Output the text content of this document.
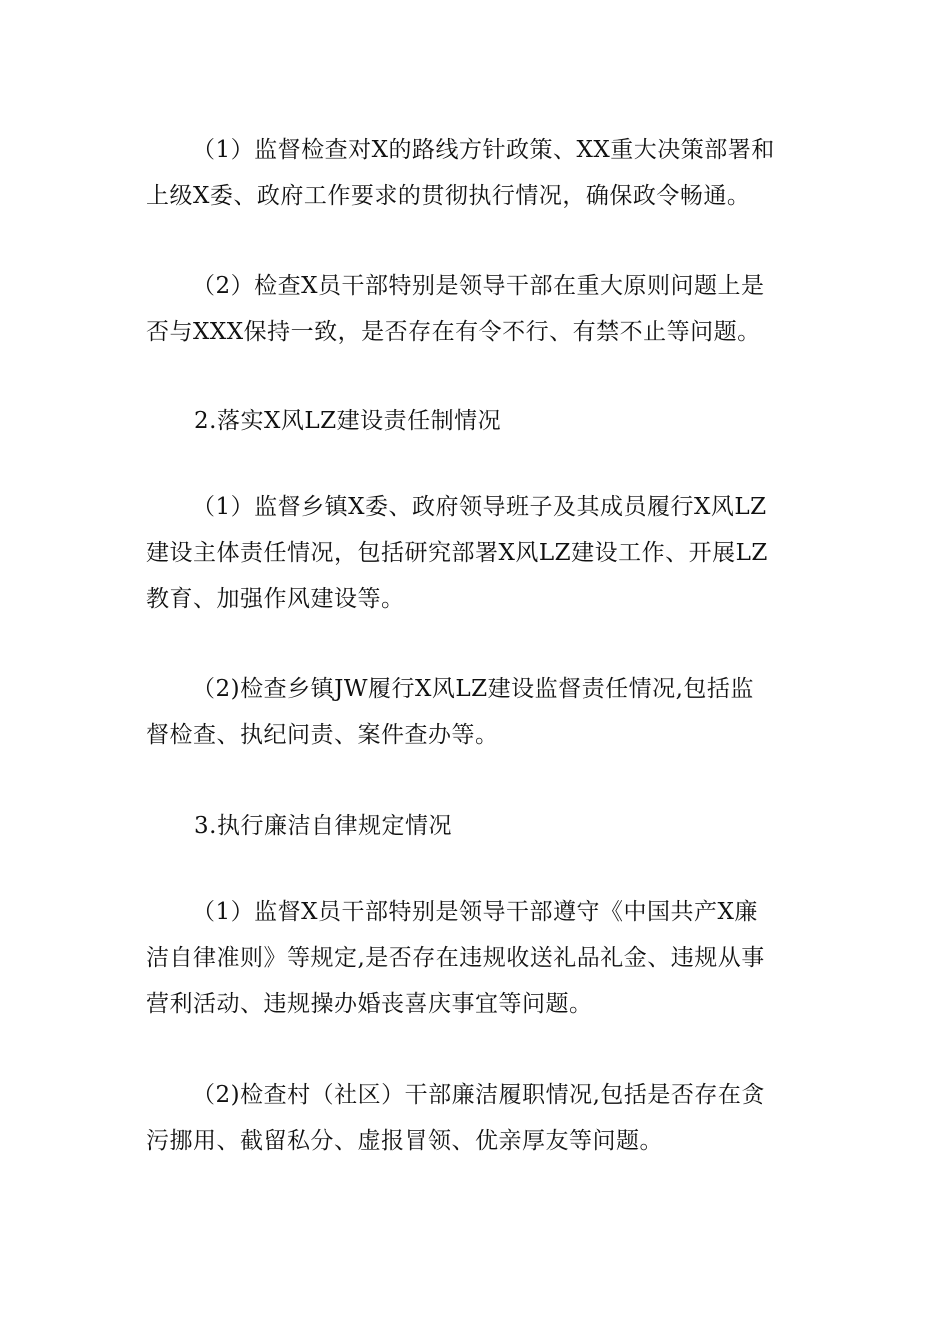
（1）监督检查对X的路线方针政策、XX重大决策部署和
上级X委、政府工作要求的贯彻执行情况，确保政令畅通。
（2）检查X员干部特别是领导干部在重大原则问题上是
否与XXX保持一致，是否存在有令不行、有禁不止等问题。
2.落实X风LZ建设责任制情况
（1）监督乡镇X委、政府领导班子及其成员履行X风LZ
建设主体责任情况，包括研究部署X风LZ建设工作、开展LZ
教育、加强作风建设等。
（2)检查乡镇JW履行X风LZ建设监督责任情况,包括监
督检查、执纪问责、案件查办等。
3.执行廉洁自律规定情况
（1）监督X员干部特别是领导干部遵守《中国共产X廉
洁自律准则》等规定,是否存在违规收送礼品礼金、违规从事
营利活动、违规操办婚丧喜庆事宜等问题。
（2)检查村（社区）干部廉洁履职情况,包括是否存在贪
污挪用、截留私分、虚报冒领、优亲厚友等问题。
